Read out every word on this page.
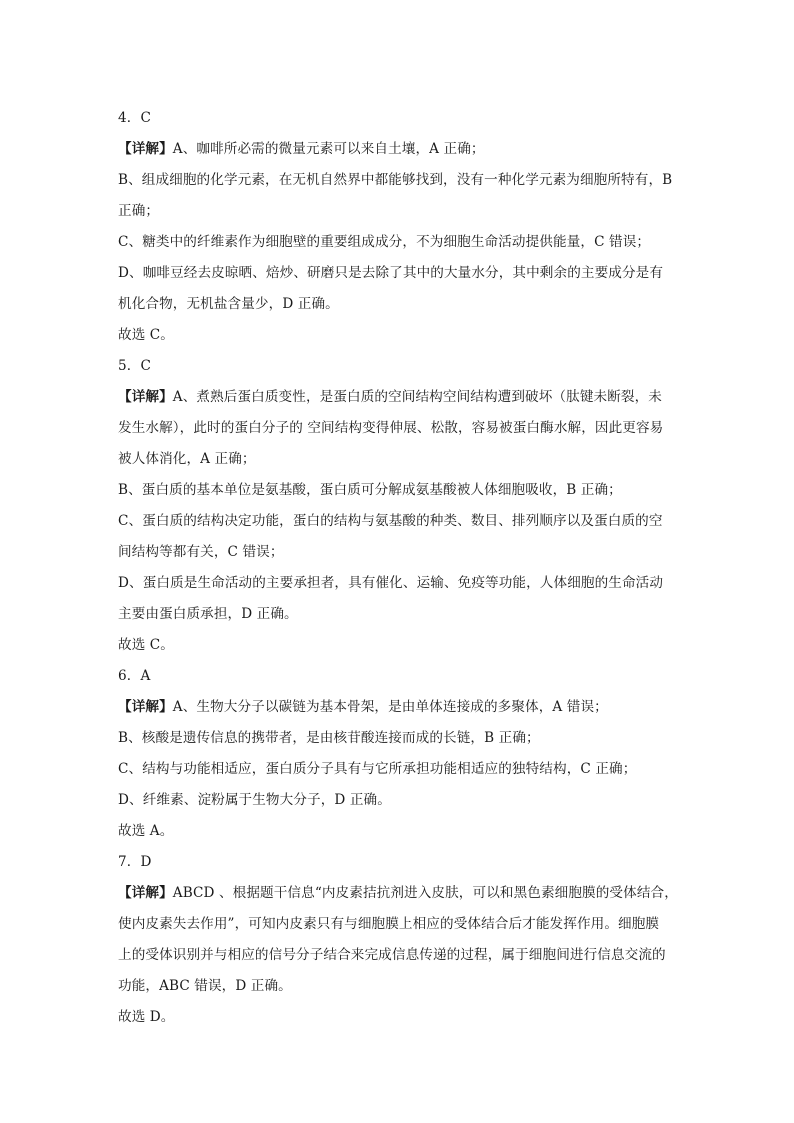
4．C
【详解】A、咖啡所必需的微量元素可以来自土壤，A 正确；
B、组成细胞的化学元素，在无机自然界中都能够找到，没有一种化学元素为细胞所特有，B
正确；
C、糖类中的纤维素作为细胞壁的重要组成成分，不为细胞生命活动提供能量，C 错误；
D、咖啡豆经去皮晾晒、焙炒、研磨只是去除了其中的大量水分，其中剩余的主要成分是有
机化合物，无机盐含量少，D 正确。
故选 C。
5．C
【详解】A、煮熟后蛋白质变性，是蛋白质的空间结构空间结构遭到破坏（肽键未断裂，未
发生水解），此时的蛋白分子的 空间结构变得伸展、松散，容易被蛋白酶水解，因此更容易
被人体消化，A 正确；
B、蛋白质的基本单位是氨基酸，蛋白质可分解成氨基酸被人体细胞吸收，B 正确；
C、蛋白质的结构决定功能，蛋白的结构与氨基酸的种类、数目、排列顺序以及蛋白质的空
间结构等都有关，C 错误；
D、蛋白质是生命活动的主要承担者，具有催化、运输、免疫等功能，人体细胞的生命活动
主要由蛋白质承担，D 正确。
故选 C。
6．A
【详解】A、生物大分子以碳链为基本骨架，是由单体连接成的多聚体，A 错误；
B、核酸是遗传信息的携带者，是由核苷酸连接而成的长链，B 正确；
C、结构与功能相适应，蛋白质分子具有与它所承担功能相适应的独特结构，C 正确；
D、纤维素、淀粉属于生物大分子，D 正确。
故选 A。
7．D
【详解】ABCD 、根据题干信息“内皮素拮抗剂进入皮肤，可以和黑色素细胞膜的受体结合，
使内皮素失去作用”，可知内皮素只有与细胞膜上相应的受体结合后才能发挥作用。细胞膜
上的受体识别并与相应的信号分子结合来完成信息传递的过程，属于细胞间进行信息交流的
功能，ABC 错误，D 正确。
故选 D。
